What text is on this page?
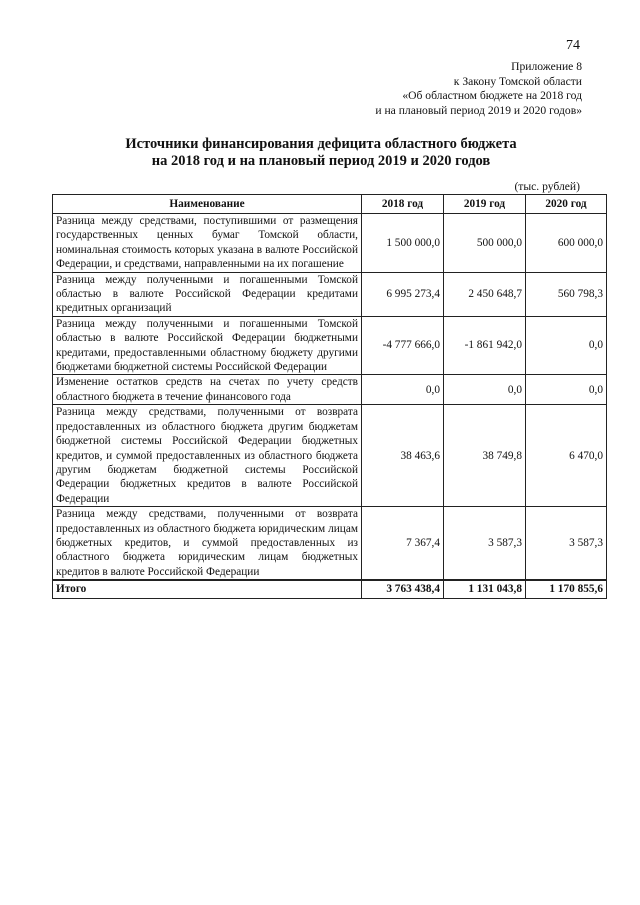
74
Приложение 8
к Закону Томской области
«Об областном бюджете на 2018 год
и на плановый период 2019 и 2020 годов»
Источники финансирования дефицита областного бюджета
на 2018 год и на плановый период 2019 и 2020 годов
(тыс. рублей)
Наименование	2018 год	2019 год	2020 год
Разница между средствами, поступившими от размещения государственных ценных бумаг Томской области, номинальная стоимость которых указана в валюте Российской Федерации, и средствами, направленными на их погашение	1 500 000,0	500 000,0	600 000,0
Разница между полученными и погашенными Томской областью в валюте Российской Федерации кредитами кредитных организаций	6 995 273,4	2 450 648,7	560 798,3
Разница между полученными и погашенными Томской областью в валюте Российской Федерации бюджетными кредитами, предоставленными областному бюджету другими бюджетами бюджетной системы Российской Федерации	-4 777 666,0	-1 861 942,0	0,0
Изменение остатков средств на счетах по учету средств областного бюджета в течение финансового года	0,0	0,0	0,0
Разница между средствами, полученными от возврата предоставленных из областного бюджета другим бюджетам бюджетной системы Российской Федерации бюджетных кредитов, и суммой предоставленных из областного бюджета другим бюджетам бюджетной системы Российской Федерации бюджетных кредитов в валюте Российской Федерации	38 463,6	38 749,8	6 470,0
Разница между средствами, полученными от возврата предоставленных из областного бюджета юридическим лицам бюджетных кредитов, и суммой предоставленных из областного бюджета юридическим лицам бюджетных кредитов в валюте Российской Федерации	7 367,4	3 587,3	3 587,3
Итого	3 763 438,4	1 131 043,8	1 170 855,6
